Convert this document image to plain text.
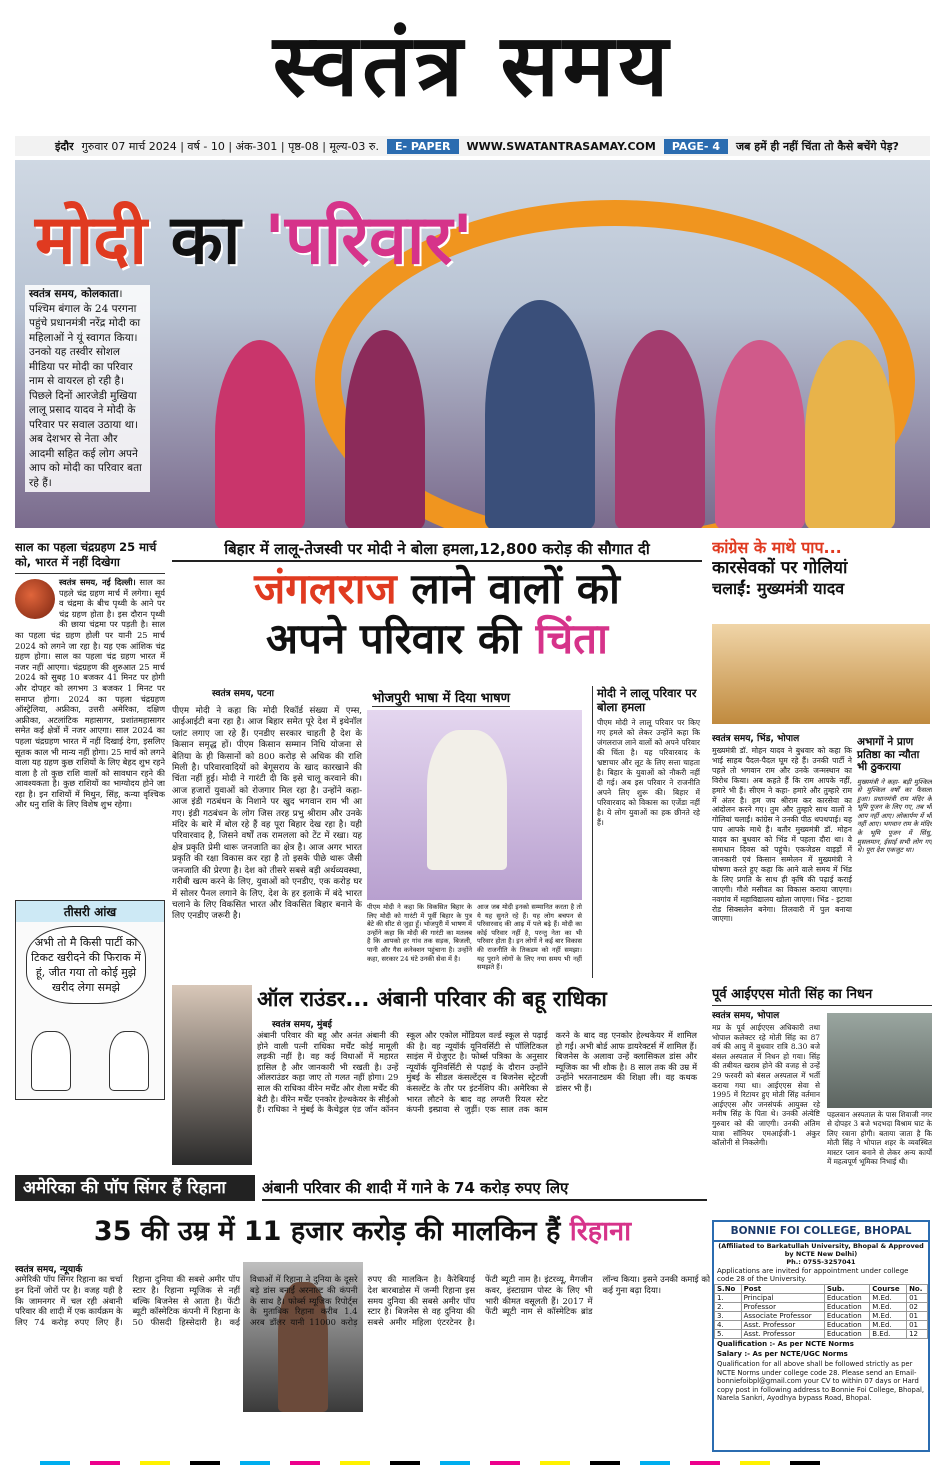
स्वतंत्र समय
इंदौर गुरुवार 07 मार्च 2024 | वर्ष - 10 | अंक-301 | पृष्ठ-08 | मूल्य-03 रु.	E- PAPER	WWW.SWATANTRASAMAY.COM	PAGE- 4	जब हमें ही नहीं चिंता तो कैसे बचेंगे पेड़?
मोदी का 'परिवार'
स्वतंत्र समय, कोलकाता। पश्चिम बंगाल के 24 परगना पहुंचे प्रधानमंत्री नरेंद्र मोदी का महिलाओं ने यूं स्वागत किया। उनको यह तस्वीर सोशल मीडिया पर मोदी का परिवार नाम से वायरल हो रही है। पिछले दिनों आरजेडी मुखिया लालू प्रसाद यादव ने मोदी के परिवार पर सवाल उठाया था। अब देशभर से नेता और आदमी सहित कई लोग अपने आप को मोदी का परिवार बता रहे हैं।
साल का पहला चंद्रग्रहण 25 मार्च को, भारत में नहीं दिखेगा
स्वतंत्र समय, नई दिल्ली। साल का पहले चंद्र ग्रहण मार्च में लगेगा। सूर्य व चंद्रमा के बीच पृथ्वी के आने पर चंद्र ग्रहण होता है। इस दौरान पृथ्वी की छाया चंद्रमा पर पड़ती है। साल का पहला चंद्र ग्रहण होली पर यानी 25 मार्च 2024 को लगने जा रहा है। यह एक आंशिक चंद्र ग्रहण होगा। साल का पहला चंद्र ग्रहण भारत में नजर नहीं आएगा। चंद्रग्रहण की शुरुआत 25 मार्च 2024 को सुबह 10 बजकर 41 मिनट पर होगी और दोपहर को लगभग 3 बजकर 1 मिनट पर समाप्त होगा। 2024 का पहला चंद्रग्रहण ऑस्ट्रेलिया, अफ्रीका, उत्तरी अमेरिका, दक्षिण अफ्रीका, अटलांटिक महासागर, प्रशांतमहासागर समेत कई क्षेत्रों में नजर आएगा। साल 2024 का पहला चंद्रग्रहण भारत में नहीं दिखाई देगा, इसलिए सूतक काल भी मान्य नहीं होगा। 25 मार्च को लगने वाला यह ग्रहण कुछ राशियों के लिए बेहद शुभ रहने वाला है तो कुछ राशि वालों को सावधान रहने की आवश्यकता है। कुछ राशियों का भाग्योदय होने जा रहा है। इन राशियों में मिथुन, सिंह, कन्या वृश्चिक और धनु राशि के लिए विशेष शुभ रहेगा।
तीसरी आंख
अभी तो मै किसी पार्टी का टिकट खरीदने की फिराक में हूं, जीत गया तो कोई मुझे खरीद लेगा समझे
बिहार में लालू-तेजस्वी पर मोदी ने बोला हमला,12,800 करोड़ की सौगात दी
जंगलराज लाने वालों को
अपने परिवार की चिंता
स्वतंत्र समय, पटना
पीएम मोदी ने कहा कि मोदी रिकॉर्ड संख्या में एम्स, आईआईटी बना रहा है। आज बिहार समेत पूरे देश में इथेनॉल प्लांट लगाए जा रहे हैं। एनडीए सरकार चाहती है देश के किसान समृद्ध हों। पीएम किसान सम्मान निधि योजना से बेतिया के ही किसानों को 800 करोड़ से अधिक की राशि मिली है। परिवारवादियों को बेगूसराय के खाद कारखाने की चिंता नहीं हुई। मोदी ने गारंटी दी कि इसे चालू करवाने की। आज हजारों युवाओं को रोजगार मिल रहा है। उन्होंने कहा-आज इंडी गठबंधन के निशाने पर खुद भगवान राम भी आ गए। इंडी गठबंधन के लोग जिस तरह प्रभु श्रीराम और उनके मंदिर के बारे में बोल रहे हैं वह पूरा बिहार देख रहा है। यही परिवारवाद है, जिसने वर्षों तक रामलला को टेंट में रखा। यह क्षेत्र प्रकृति प्रेमी थारू जनजाति का क्षेत्र है। आज अगर भारत प्रकृति की रक्षा विकास कर रहा है तो इसके पीछे थारू जैसी जनजाति की प्रेरणा है। देश को तीसरे सबसे बड़ी अर्थव्यवस्था, गरीबी खत्म करने के लिए, युवाओं को एनडीए, एक करोड़ घर में सोलर पैनल लगाने के लिए, देश के हर इलाके में बंदे भारत चलाने के लिए विकसित भारत और विकसित बिहार बनाने के लिए एनडीए जरूरी है।
भोजपुरी भाषा में दिया भाषण
पीएम मोदी ने कहा कि विकसित बिहार के लिए मोदी को गारंटी में पूर्वी बिहार के पुत्र बेटे की सीट से जुड़ा हूँ। भोजपुरी में भाषण में उन्होंने कहा कि मोदी की गारंटी का मतलब है कि आपको हर गांव तक सड़क, बिजली, पानी और गैस कनेक्शन पहुंचाना है। उन्होंने कहा, सरकार 24 घंटे उनकी सेवा में है।
आज जब मोदी इनको सम्मानित करता है तो ये यह सुनते रहे हैं। यह लोग बचपन से परिवारवाद की आढ़ में पले बढ़े हैं। मोदी का कोई परिवार नहीं है, परन्तु नेता का भी परिवार होता है। इन लोगों ने कई बार विकास की राजनीति के तिकडम को नहीं समझा। यह पुराने लोगों के लिए नया समय भी नहीं समझते हैं।
मोदी ने लालू परिवार पर बोला हमला
पीएम मोदी ने लालू परिवार पर किए गए हमले को लेकर उन्होंने कहा कि जंगलराज लाने वालों को अपने परिवार की चिंता है। यह परिवारवाद के भ्रष्टाचार और लूट के लिए सत्ता चाहता है। बिहार के युवाओं को नौकरी नहीं दी गई। अब इस परिवार ने राजनीति अपने लिए शुरू की। बिहार में परिवारवाद को विकास का एजेंडा नहीं है। ये लोग युवाओं का हक छीनते रहे हैं।
कांग्रेस के माथे पाप...
कारसेवकों पर गोलियां
चलाईं: मुख्यमंत्री यादव
स्वतंत्र समय, भिंड, भोपाल
मुख्यमंत्री डॉ. मोहन यादव ने बुधवार को कहा कि भाई साहब पैदल-पैदल घूम रहे हैं। उनकी पार्टी ने पहले तो भगवान राम और उनके जन्मस्थान का विरोध किया। अब कहते हैं कि राम आपके नहीं, हमारे भी हैं। सीएम ने कहा- हमारे और तुम्हारे राम में अंतर है। हम जय श्रीराम कर कारसेवा का आंदोलन करने गए। तुम और तुम्हारे साथ वालों ने गोलियां चलाईं। कांग्रेस ने उनकी पीठ थपथपाई। यह पाप आपके माथे है। बतौर मुख्यमंत्री डॉ. मोहन यादव का बुधवार को भिंड में पहला दौरा था। वे समाधान दिवस को पहुंचे। एकजेडस वाइड़ों में जानकारी एवं किसान सम्मेलन में मुख्यमंत्री ने घोषणा करते हुए कहा कि आने वाले समय में भिंड के लिए प्रगति के साथ ही कृषि की पढ़ाई कराई जाएगी। गौशे मसीवत का विकास कराया जाएगा। नवगांव में महाविद्यालय खोला जाएगा। भिंड - इटावा रोड सिक्सलेन बनेगा। तिलवारी में पुल बनाया जाएगा।
अभागों ने प्राण प्रतिष्ठा का न्यौता भी ठुकराया
मुख्यमंत्री ने कहा- बड़ी मुश्किल से मुश्किल वर्षों का फैसला हुआ। प्रधानमंत्री राम मंदिर के भूमि पूजन के लिए गए, तब भी आप नहीं आए। लोकार्पण में भी नहीं आए। भगवान राम के मंदिर के भूमि पूजन में सिंधु, मुसलमान, ईसाई सभी लोग गए थे। पूरा देश एकजुट था।
ऑल राउंडर... अंबानी परिवार की बहू राधिका
स्वतंत्र समय, मुंबई
अंबानी परिवार की बहू और अनंत अंबानी की होने वाली पत्नी राधिका मर्चेंट कोई मामूली लड़की नहीं है। वह कई विधाओं में महारत हासिल है और जानकारी भी रखती है। उन्हें ऑलराउंडर कहा जाए तो गलत नहीं होगा। 29 साल की राधिका वीरेन मर्चेंट और शैला मर्चेंट की बेटी है। वीरेन मर्चेंट एनकोर हेल्थकेयर के सीईओ हैं। राधिका ने मुंबई के कैथेड्रल एंड जॉन कॉनन स्कूल और एकोल मोंडियल वर्ल्ड स्कूल से पढ़ाई की है। वह न्यूयॉर्क यूनिवर्सिटी से पॉलिटिकल साइंस में ग्रेजुएट है। फोर्ब्स पत्रिका के अनुसार न्यूयॉर्क यूनिवर्सिटी से पढ़ाई के दौरान उन्होंने मुंबई के सीडल कंसल्टेंट्स व बिजनेस स्ट्रेटजी कंसल्टेंट के तौर पर इंटर्नशिप की। अमेरिका से भारत लौटने के बाद वह लग्जरी रियल स्टेट कंपनी इस्प्रावा से जुड़ीं। एक साल तक काम करने के बाद वह एनकोर हेल्थकेयर में शामिल हो गईं। अभी बोर्ड आफ डायरेक्टर्स में शामिल हैं। बिजनेस के अलावा उन्हें क्लासिकल डांस और म्यूजिक का भी शौक है। 8 साल तक की उम्र में उन्होंने भरतनाट्यम की शिक्षा ली। वह कथक डांसर भी हैं।
पूर्व आईएएस मोती सिंह का निधन
स्वतंत्र समय, भोपाल
मप्र के पूर्व आईएएस अधिकारी तथा भोपाल कलेक्टर रहे मोती सिंह का 87 वर्ष की आयु में बुधवार रात्रि 8.30 बजे बंसल अस्पताल में निधन हो गया। सिंह की तबीयत खराब होने की वजह से उन्हें 29 फरवरी को बंसल अस्पताल में भर्ती कराया गया था। आईएएस सेवा से 1995 में रिटायर हुए मोती सिंह वर्तमान आईएएस और जनसंपर्क आयुक्त रहे मनीष सिंह के पिता थे। उनकी अंत्येष्टि गुरुवार को की जाएगी। उनकी अंतिम यात्रा सॉनियर एमआईजी-1 अंकुर कॉलोनी से निकलेगी।
पहलवान अस्पताल के पास शिवाजी नगर से दोपहर 3 बजे भदभदा विश्राम घाट के लिए रवाना होगी। बताया जाता है कि मोती सिंह ने भोपाल शहर के व्यवस्थित मास्टर प्लान बनाने से लेकर अन्य कार्यों में महत्वपूर्ण भूमिका निभाई थी।
अमेरिका की पॉप सिंगर हैं रिहाना	अंबानी परिवार की शादी में गाने के 74 करोड़ रुपए लिए
35 की उम्र में 11 हजार करोड़ की मालकिन हैं रिहाना
स्वतंत्र समय, न्यूयार्क
अमेरिकी पॉप सिंगर रिहाना का चर्चा इन दिनों जोरों पर है। वजह यही है कि जामनगर में चल रही अंबानी परिवार की शादी में एक कार्यक्रम के लिए 74 करोड़ रुपए लिए हैं। रिहाना दुनिया की सबसे अमीर पॉप स्टार है। रिहाना म्यूजिक से नहीं बल्कि बिजनेस से आता है। फेंटी ब्यूटी कॉस्मेटिक कंपनी में रिहाना के 50 फीसदी हिस्सेदारी है। कई विधाओं में रिहाना ने दुनिया के दूसरे बड़े डांस बनाईं अरनाल्ट की कंपनी के साथ है। फोर्ब्स म्यूजिक रिपोर्ट्स के मुताबिक रिहाना करीब 1.4 अरब डॉलर यानी 11000 करोड़ रुपए की मालकिन है। कैरेबियाई देश बारबाडोस में जन्मी रिहाना इस समय दुनिया की सबसे अमीर पॉप स्टार है। बिजनेस से वह दुनिया की सबसे अमीर महिला एंटरटेनर है। फेंटी ब्यूटी नाम है। इंटरव्यू, मैगजीन कवर, इंस्टाग्राम पोस्ट के लिए भी भारी कीमत वसूलती हैं। 2017 में फेंटी ब्यूटी नाम से कॉस्मेटिक ब्रांड लॉन्च किया। इसने उनकी कमाई को कई गुना बढ़ा दिया।
BONNIE FOI COLLEGE, BHOPAL
(Affiliated to Barkatullah University, Bhopal & Approved by NCTE New Delhi)
Ph.: 0755-3257041
Applications are invited for appointment under college code 28 of the University.
S.No	Post	Sub.	Course	No.
1.	Principal	Education	M.Ed.	01
2.	Professor	Education	M.Ed.	02
3.	Associate Professor	Education	M.Ed.	01
4.	Asst. Professor	Education	M.Ed.	01
5.	Asst. Professor	Education	B.Ed.	12
Qualification :- As per NCTE Norms
Salary :- As per NCTE/UGC Norms
Qualification for all above shall be followed strictly as per NCTE Norms under college code 28. Please send an Email- bonniefoibpl@gmail.com your CV to within 07 days or Hard copy post in following address to Bonnie Foi College, Bhopal, Narela Sankri, Ayodhya bypass Road, Bhopal.
